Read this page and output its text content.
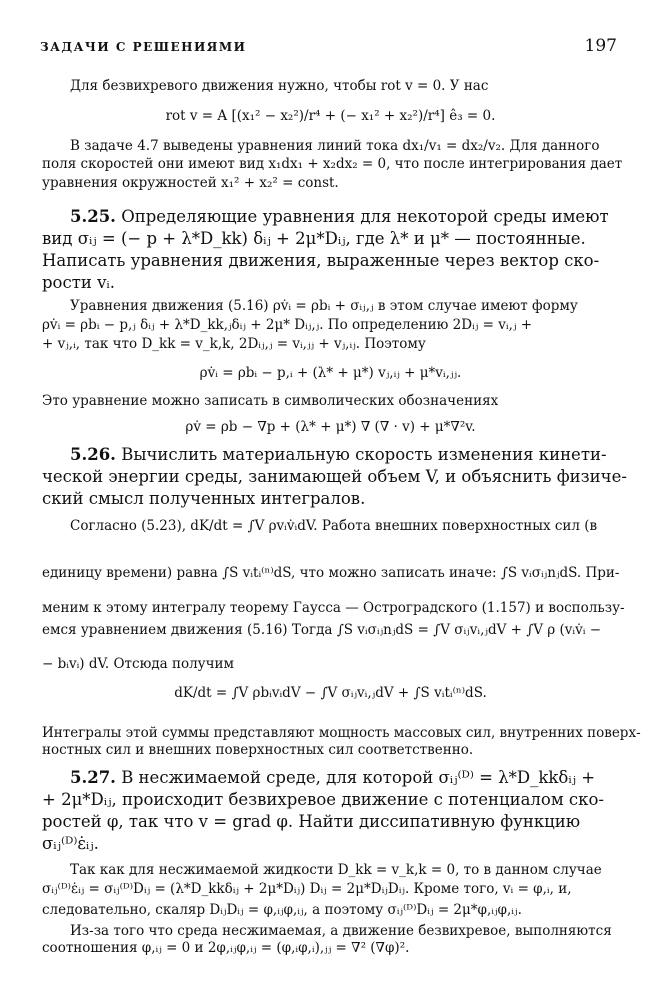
ЗАДАЧИ С РЕШЕНИЯМИ	197
Для безвихревого движения нужно, чтобы rot v = 0. У нас
rot v = A [(x₁² − x₂²)/r⁴ + (− x₁² + x₂²)/r⁴] ê₃ = 0.
В задаче 4.7 выведены уравнения линий тока dx₁/v₁ = dx₂/v₂. Для данного
поля скоростей они имеют вид x₁dx₁ + x₂dx₂ = 0, что после интегрирования дает
уравнения окружностей x₁² + x₂² = const.
5.25. Определяющие уравнения для некоторой среды имеют
вид σᵢⱼ = (− p + λ*D_kk) δᵢⱼ + 2μ*Dᵢⱼ, где λ* и μ* — постоянные.
Написать уравнения движения, выраженные через вектор ско-
рости vᵢ.
Уравнения движения (5.16) ρv̇ᵢ = ρbᵢ + σᵢⱼ,ⱼ в этом случае имеют форму
ρv̇ᵢ = ρbᵢ − p,ⱼ δᵢⱼ + λ*D_kk,ⱼδᵢⱼ + 2μ* Dᵢⱼ,ⱼ. По определению 2Dᵢⱼ = vᵢ,ⱼ +
+ vⱼ,ᵢ, так что D_kk = v_k,k, 2Dᵢⱼ,ⱼ = vᵢ,ⱼⱼ + vⱼ,ᵢⱼ. Поэтому
ρv̇ᵢ = ρbᵢ − p,ᵢ + (λ* + μ*) vⱼ,ᵢⱼ + μ*vᵢ,ⱼⱼ.
Это уравнение можно записать в символических обозначениях
ρv̇ = ρb − ∇p + (λ* + μ*) ∇ (∇ · v) + μ*∇²v.
5.26. Вычислить материальную скорость изменения кинети-
ческой энергии среды, занимающей объем V, и объяснить физиче-
ский смысл полученных интегралов.
Согласно (5.23), dK/dt = ∫V ρvᵢv̇ᵢdV. Работа внешних поверхностных сил (в
единицу времени) равна ∫S vᵢtᵢ⁽ⁿ⁾dS, что можно записать иначе: ∫S vᵢσᵢⱼnⱼdS. При-
меним к этому интегралу теорему Гаусса — Остроградского (1.157) и воспользу-
емся уравнением движения (5.16) Тогда ∫S vᵢσᵢⱼnⱼdS = ∫V σᵢⱼvᵢ,ⱼdV + ∫V ρ (vᵢv̇ᵢ −
− bᵢvᵢ) dV. Отсюда получим
dK/dt = ∫V ρbᵢvᵢdV − ∫V σᵢⱼvᵢ,ⱼdV + ∫S vᵢtᵢ⁽ⁿ⁾dS.
Интегралы этой суммы представляют мощность массовых сил, внутренних поверх-
ностных сил и внешних поверхностных сил соответственно.
5.27. В несжимаемой среде, для которой σᵢⱼ⁽ᴰ⁾ = λ*D_kkδᵢⱼ +
+ 2μ*Dᵢⱼ, происходит безвихревое движение с потенциалом ско-
ростей φ, так что v = grad φ. Найти диссипативную функцию
σᵢⱼ⁽ᴰ⁾ε̇ᵢⱼ.
Так как для несжимаемой жидкости D_kk = v_k,k = 0, то в данном случае
σᵢⱼ⁽ᴰ⁾ε̇ᵢⱼ = σᵢⱼ⁽ᴰ⁾Dᵢⱼ = (λ*D_kkδᵢⱼ + 2μ*Dᵢⱼ) Dᵢⱼ = 2μ*DᵢⱼDᵢⱼ. Кроме того, vᵢ = φ,ᵢ, и,
следовательно, скаляр DᵢⱼDᵢⱼ = φ,ᵢⱼφ,ᵢⱼ, а поэтому σᵢⱼ⁽ᴰ⁾Dᵢⱼ = 2μ*φ,ᵢⱼφ,ᵢⱼ.
Из-за того что среда несжимаемая, а движение безвихревое, выполняются
соотношения φ,ᵢⱼ = 0 и 2φ,ᵢⱼφ,ᵢⱼ = (φ,ᵢφ,ᵢ),ⱼⱼ = ∇² (∇φ)².
